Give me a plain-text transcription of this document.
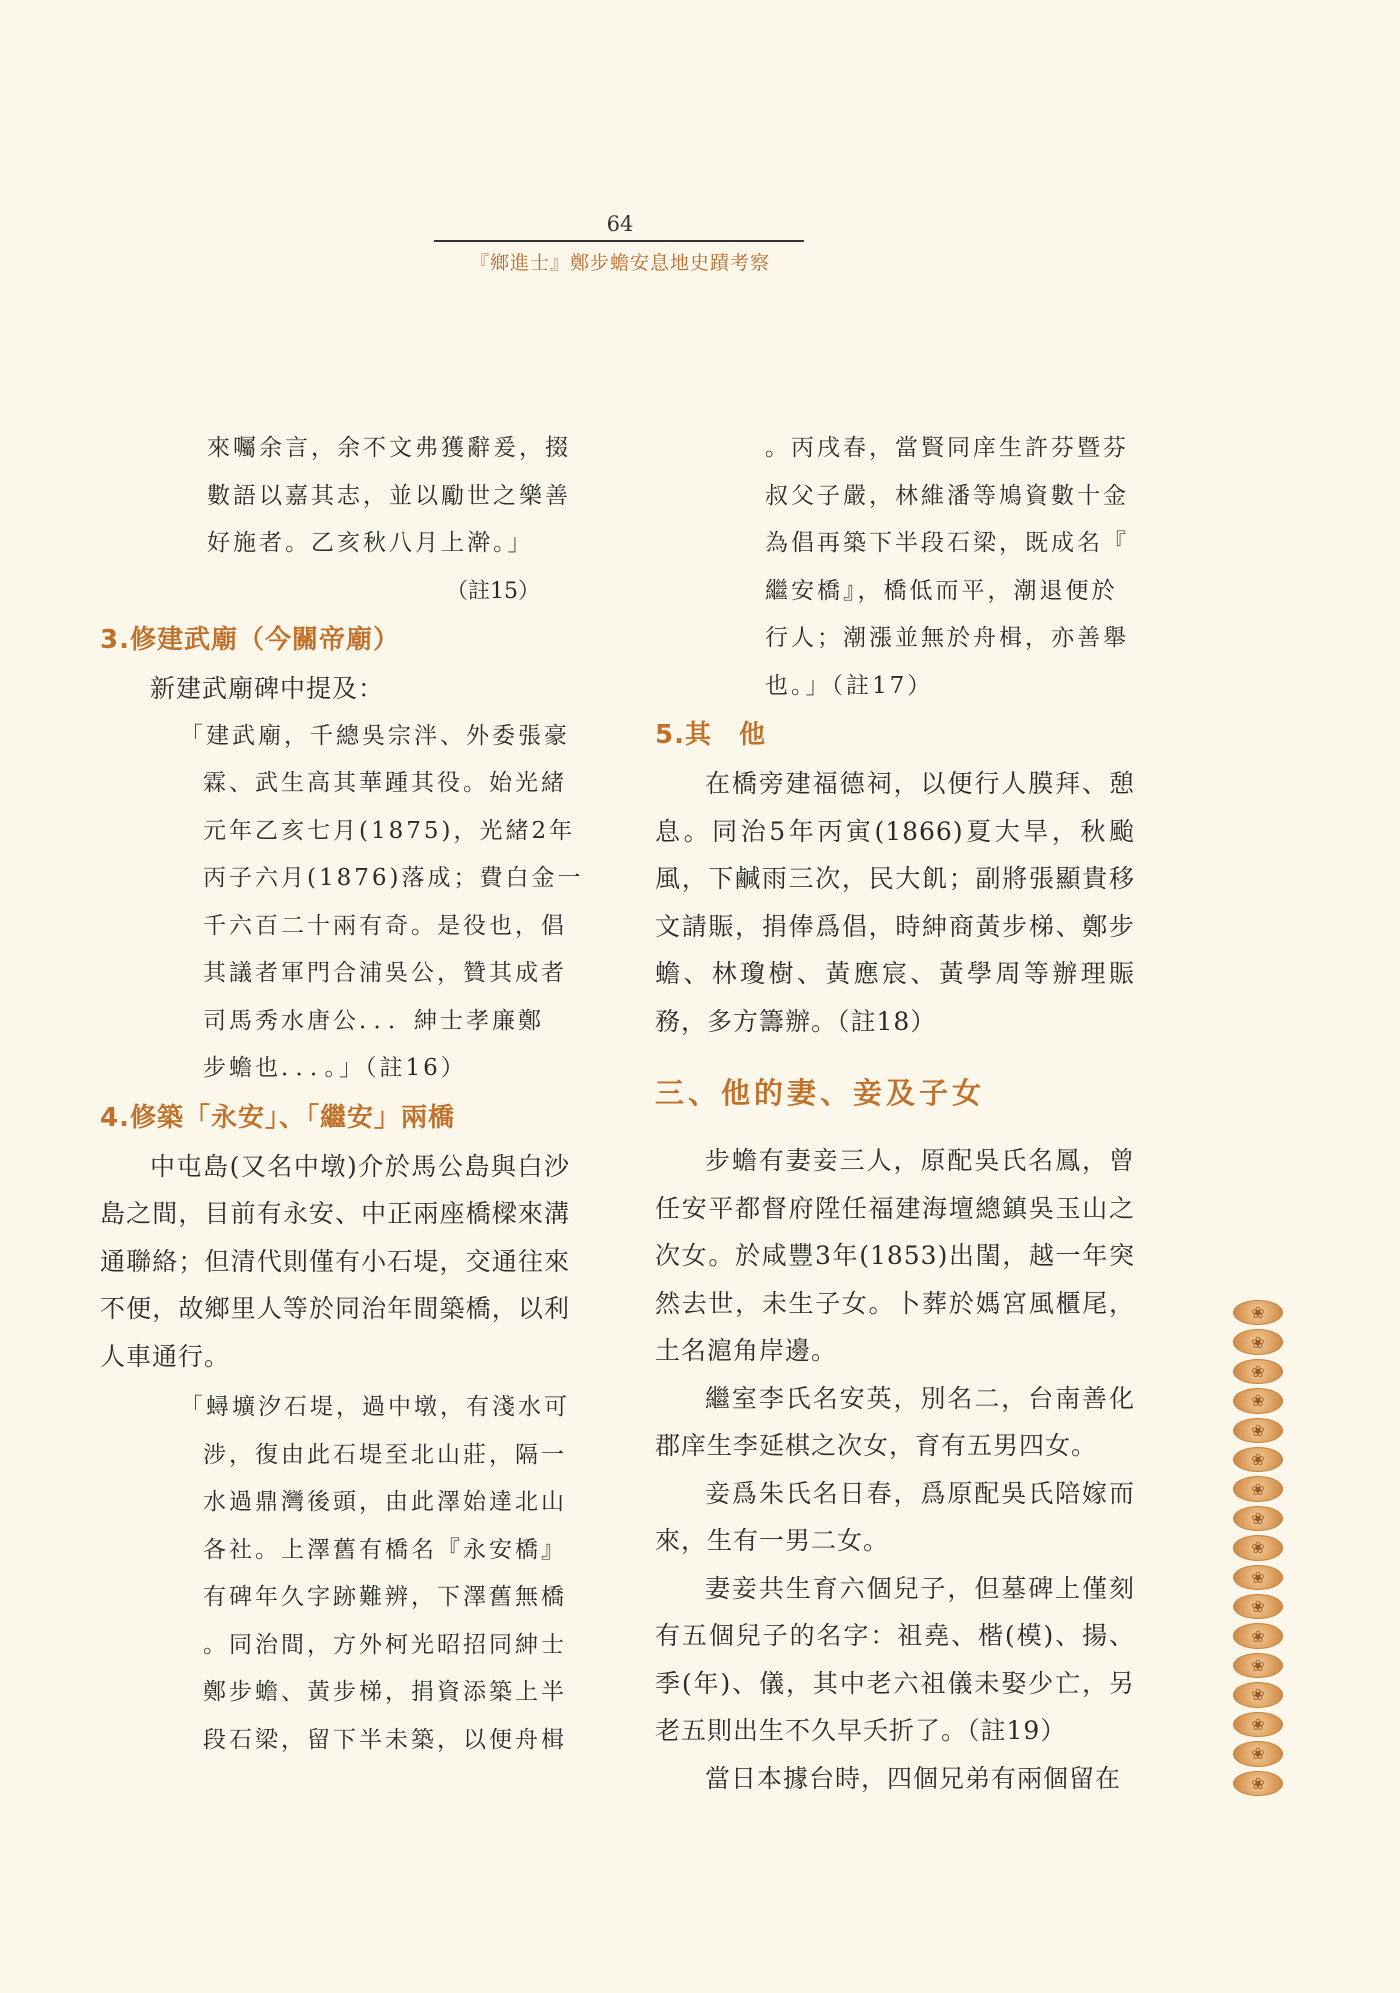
64
『鄉進士』鄭步蟾安息地史蹟考察

來囑余言，余不文弗獲辭爰，掇

數語以嘉其志，並以勵世之樂善

好施者。乙亥秋八月上澣。」

（註15）

3.修建武廟（今關帝廟）

新建武廟碑中提及：

「建武廟，千總吳宗泮、外委張豪

霖、武生高其華踵其役。始光緒

元年乙亥七月(1875)，光緒2年

丙子六月(1876)落成；費白金一

千六百二十兩有奇。是役也，倡

其議者軍門合浦吳公，贊其成者

司馬秀水唐公．．．紳士孝廉鄭

步蟾也．．．。」（註16）

4.修築「永安」、「繼安」兩橋

中屯島(又名中墩)介於馬公島與白沙島之間，目前有永安、中正兩座橋樑來溝通聯絡；但清代則僅有小石堤，交通往來不便，故鄉里人等於同治年間築橋，以利人車通行。

「蟳壙汐石堤，過中墩，有淺水可

涉，復由此石堤至北山莊，隔一

水過鼎灣後頭，由此澤始達北山

各社。上澤舊有橋名『永安橋』

有碑年久字跡難辨，下澤舊無橋

。同治間，方外柯光昭招同紳士

鄭步蟾、黃步梯，捐資添築上半

段石梁，留下半未築，以便舟楫

。丙戌春，當賢同庠生許芬暨芬

叔父子嚴，林維潘等鳩資數十金

為倡再築下半段石梁，既成名『

繼安橋』，橋低而平，潮退便於

行人；潮漲並無於舟楫，亦善舉

也。」（註17）

5.其　他

在橋旁建福德祠，以便行人膜拜、憩息。同治5年丙寅(1866)夏大旱，秋颱風，下鹹雨三次，民大飢；副將張顯貴移文請賑，捐俸爲倡，時紳商黃步梯、鄭步蟾、林瓊樹、黃應宸、黃學周等辦理賑務，多方籌辦。（註18）

三、他的妻、妾及子女

步蟾有妻妾三人，原配吳氏名鳳，曾任安平都督府陞任福建海壇總鎮吳玉山之次女。於咸豐3年(1853)出閨，越一年突然去世，未生子女。卜葬於媽宮風櫃尾，土名滬角岸邊。

繼室李氏名安英，別名二，台南善化郡庠生李延棋之次女，育有五男四女。

妾爲朱氏名日春，爲原配吳氏陪嫁而來，生有一男二女。

妻妾共生育六個兒子，但墓碑上僅刻有五個兒子的名字：祖堯、楷(模)、揚、季(年)、儀，其中老六祖儀未娶少亡，另老五則出生不久早夭折了。（註19）

當日本據台時，四個兄弟有兩個留在

❀
❀
❀
❀
❀
❀
❀
❀
❀
❀
❀
❀
❀
❀
❀
❀
❀
